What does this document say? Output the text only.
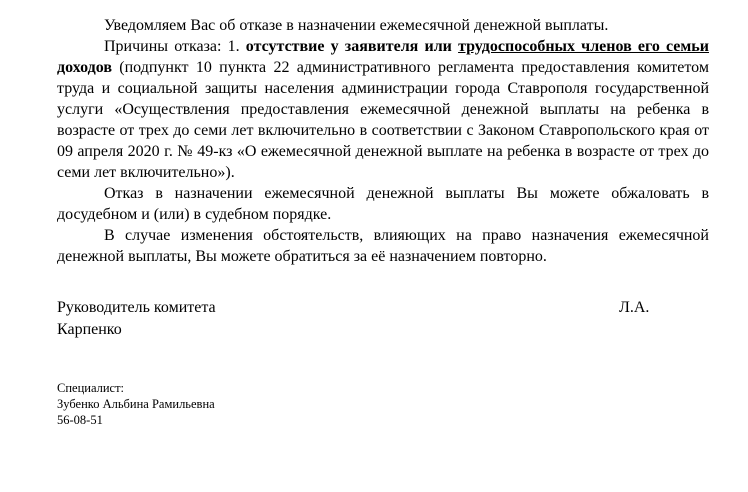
Уведомляем Вас об отказе в назначении ежемесячной денежной выплаты.

Причины отказа: 1. отсутствие у заявителя или трудоспособных членов его семьи доходов (подпункт 10 пункта 22 административного регламента предоставления комитетом труда и социальной защиты населения администрации города Ставрополя государственной услуги «Осуществления предоставления ежемесячной денежной выплаты на ребенка в возрасте от трех до семи лет включительно в соответствии с Законом Ставропольского края от 09 апреля 2020 г. № 49-кз «О ежемесячной денежной выплате на ребенка в возрасте от трех до семи лет включительно»).

Отказ в назначении ежемесячной денежной выплаты Вы можете обжаловать в досудебном и (или) в судебном порядке.

В случае изменения обстоятельств, влияющих на право назначения ежемесячной денежной выплаты, Вы можете обратиться за её назначением повторно.

Руководитель комитета	Л.А.
Карпенко
Специалист:
Зубенко Альбина Рамильевна
56-08-51
